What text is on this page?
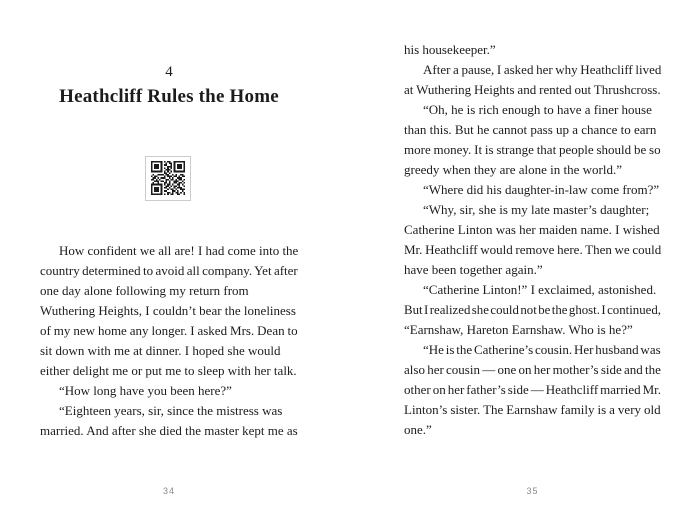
4
Heathcliff Rules the Home
How confident we all are! I had come into the
country determined to avoid all company. Yet after
one day alone following my return from
Wuthering Heights, I couldn’t bear the loneliness
of my new home any longer. I asked Mrs. Dean to
sit down with me at dinner. I hoped she would
either delight me or put me to sleep with her talk.
“How long have you been here?”
“Eighteen years, sir, since the mistress was
married. And after she died the master kept me as
34
his housekeeper.”
After a pause, I asked her why Heathcliff lived
at Wuthering Heights and rented out Thrushcross.
“Oh, he is rich enough to have a finer house
than this. But he cannot pass up a chance to earn
more money. It is strange that people should be so
greedy when they are alone in the world.”
“Where did his daughter-in-law come from?”
“Why, sir, she is my late master’s daughter;
Catherine Linton was her maiden name. I wished
Mr. Heathcliff would remove here. Then we could
have been together again.”
“Catherine Linton!” I exclaimed, astonished.
But I realized she could not be the ghost. I continued,
“Earnshaw, Hareton Earnshaw. Who is he?”
“He is the Catherine’s cousin. Her husband was
also her cousin — one on her mother’s side and the
other on her father’s side — Heathcliff married Mr.
Linton’s sister. The Earnshaw family is a very old
one.”
35
